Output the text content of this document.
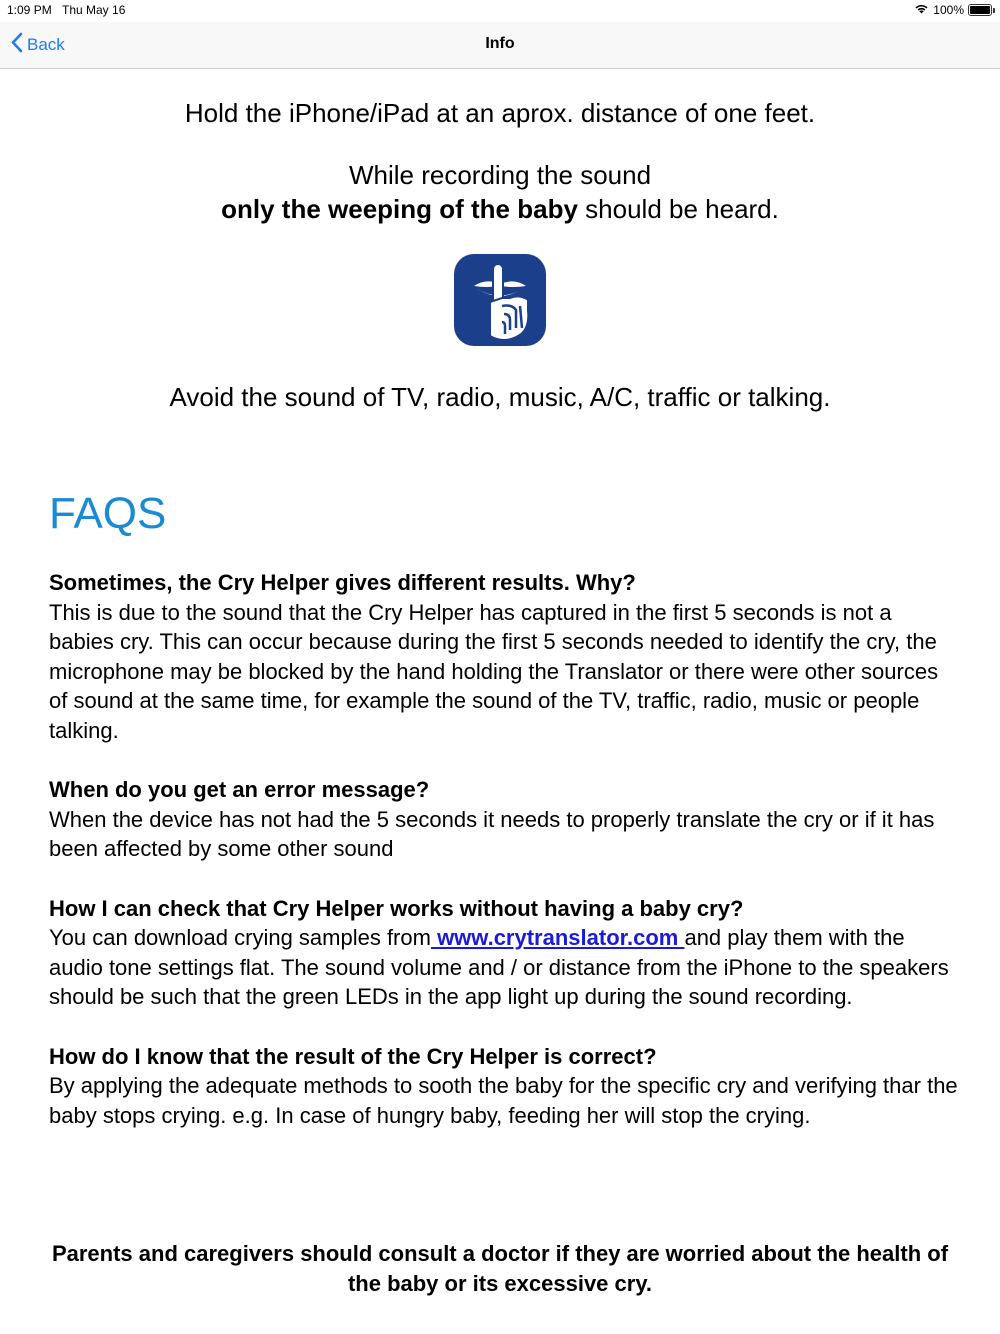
1:09 PM Thu May 16	100%
Back	Info
Hold the iPhone/iPad at an aprox. distance of one feet.
While recording the sound
only the weeping of the baby should be heard.
Avoid the sound of TV, radio, music, A/C, traffic or talking.
FAQS
Sometimes, the Cry Helper gives different results. Why?
This is due to the sound that the Cry Helper has captured in the first 5 seconds is not a babies cry. This can occur because during the first 5 seconds needed to identify the cry, the microphone may be blocked by the hand holding the Translator or there were other sources of sound at the same time, for example the sound of the TV, traffic, radio, music or people talking.
When do you get an error message?
When the device has not had the 5 seconds it needs to properly translate the cry or if it has been affected by some other sound
How I can check that Cry Helper works without having a baby cry?
You can download crying samples from www.crytranslator.com and play them with the audio tone settings flat. The sound volume and / or distance from the iPhone to the speakers should be such that the green LEDs in the app light up during the sound recording.
How do I know that the result of the Cry Helper is correct?
By applying the adequate methods to sooth the baby for the specific cry and verifying thar the baby stops crying. e.g. In case of hungry baby, feeding her will stop the crying.
Parents and caregivers should consult a doctor if they are worried about the health of the baby or its excessive cry.
